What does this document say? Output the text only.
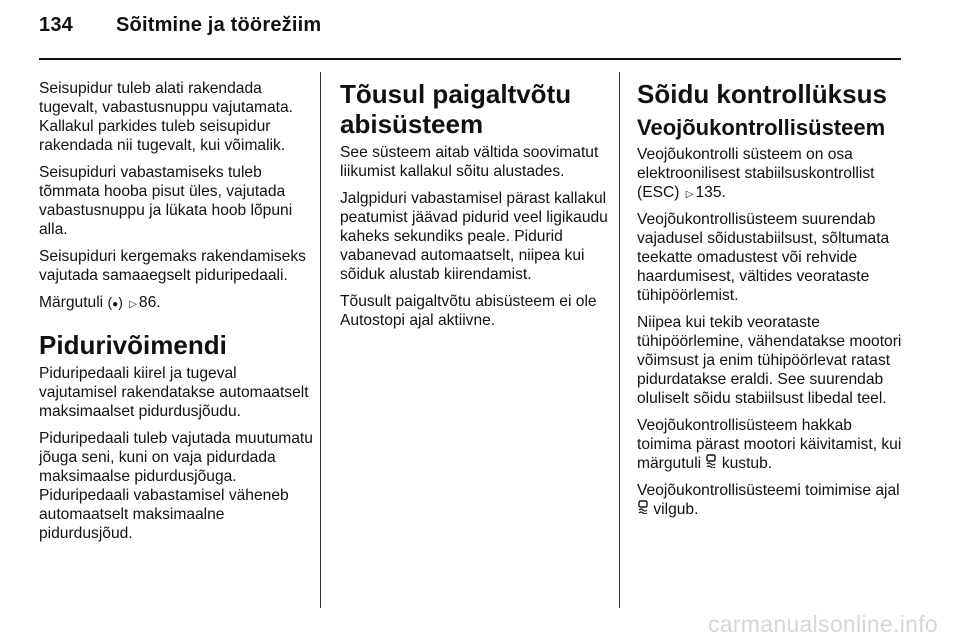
134 Sõitmine ja töörežiim

Seisupidur tuleb alati rakendada tugevalt, vabastusnuppu vajutamata. Kallakul parkides tuleb seisupidur rakendada nii tugevalt, kui võimalik.

Seisupiduri vabastamiseks tuleb tõmmata hooba pisut üles, vajutada vabastusnuppu ja lükata hoob lõpuni alla.

Seisupiduri kergemaks rakendamiseks vajutada samaaegselt piduripedaali.

Märgutuli (●) ▷ 86.

Pidurivõimendi

Piduripedaali kiirel ja tugeval vajutamisel rakendatakse automaatselt maksimaalset pidurdusjõudu.

Piduripedaali tuleb vajutada muutumatu jõuga seni, kuni on vaja pidurdada maksimaalse pidurdusjõuga. Piduripedaali vabastamisel väheneb automaatselt maksimaalne pidurdusjõud.

Tõusul paigaltvõtu abisüsteem

See süsteem aitab vältida soovimatut liikumist kallakul sõitu alustades.

Jalgpiduri vabastamisel pärast kallakul peatumist jäävad pidurid veel ligikaudu kaheks sekundiks peale. Pidurid vabanevad automaatselt, niipea kui sõiduk alustab kiirendamist.

Tõusult paigaltvõtu abisüsteem ei ole Autostopi ajal aktiivne.

Sõidu kontrollüksus
Veojõukontrollisüsteem

Veojõukontrolli süsteem on osa elektroonilisest stabiilsuskontrollist (ESC) ▷ 135.

Veojõukontrollisüsteem suurendab vajadusel sõidustabiilsust, sõltumata teekatte omadustest või rehvide haardumisest, vältides veorataste tühipöörlemist.

Niipea kui tekib veorataste tühipöörlemine, vähendatakse mootori võimsust ja enim tühipöörlevat ratast pidurdatakse eraldi. See suurendab oluliselt sõidu stabiilsust libedal teel.

Veojõukontrollisüsteem hakkab toimima pärast mootori käivitamist, kui märgutuli kustub.

Veojõukontrollisüsteemi toimimise ajal  vilgub.

carmanualsonline.info
